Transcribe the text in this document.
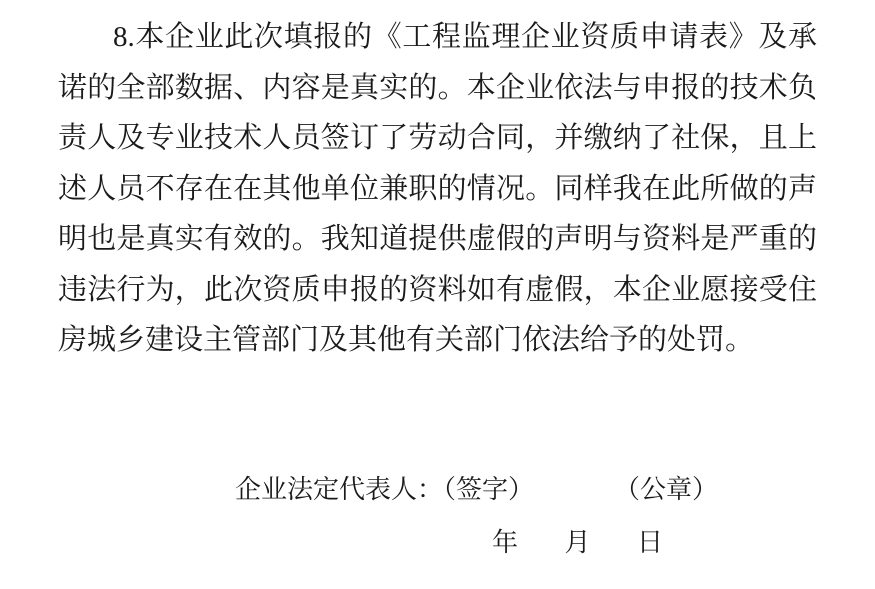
8.本企业此次填报的《工程监理企业资质申请表》及承
诺的全部数据、内容是真实的。本企业依法与申报的技术负
责人及专业技术人员签订了劳动合同，并缴纳了社保，且上
述人员不存在在其他单位兼职的情况。同样我在此所做的声
明也是真实有效的。我知道提供虚假的声明与资料是严重的
违法行为，此次资质申报的资料如有虚假，本企业愿接受住
房城乡建设主管部门及其他有关部门依法给予的处罚。
企业法定代表人：（签字）	（公章）
年 月 日
